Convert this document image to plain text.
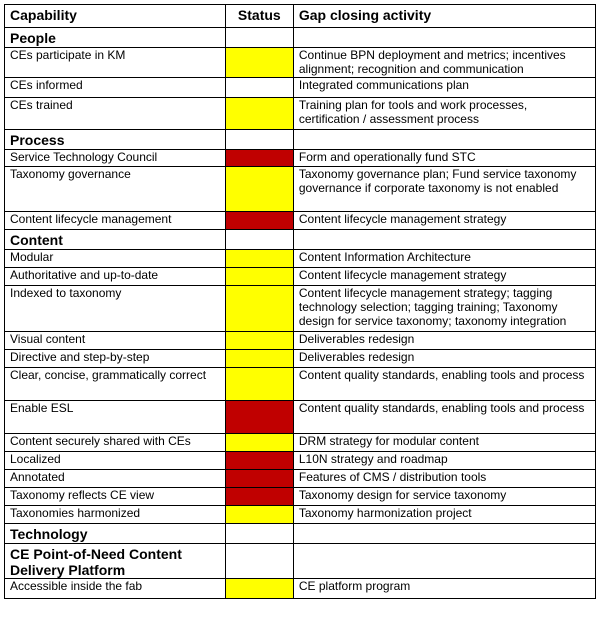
Capability	Status	Gap closing activity
People		
CEs participate in KM		Continue BPN deployment and metrics; incentives alignment; recognition and communication
CEs informed		Integrated communications plan
CEs trained		Training plan for tools and work processes, certification / assessment process
Process		
Service Technology Council		Form and operationally fund STC
Taxonomy governance		Taxonomy governance plan; Fund service taxonomy governance if corporate taxonomy is not enabled
Content lifecycle management		Content lifecycle management strategy
Content		
Modular		Content Information Architecture
Authoritative and up-to-date		Content lifecycle management strategy
Indexed to taxonomy		Content lifecycle management strategy; tagging technology selection; tagging training; Taxonomy design for service taxonomy; taxonomy integration
Visual content		Deliverables redesign
Directive and step-by-step		Deliverables redesign
Clear, concise, grammatically correct		Content quality standards, enabling tools and process
Enable ESL		Content quality standards, enabling tools and process
Content securely shared with CEs		DRM strategy for modular content
Localized		L10N strategy and roadmap
Annotated		Features of CMS / distribution tools
Taxonomy reflects CE view		Taxonomy design for service taxonomy
Taxonomies harmonized		Taxonomy harmonization project
Technology		
CE Point-of-Need Content Delivery Platform		
Accessible inside the fab		CE platform program
